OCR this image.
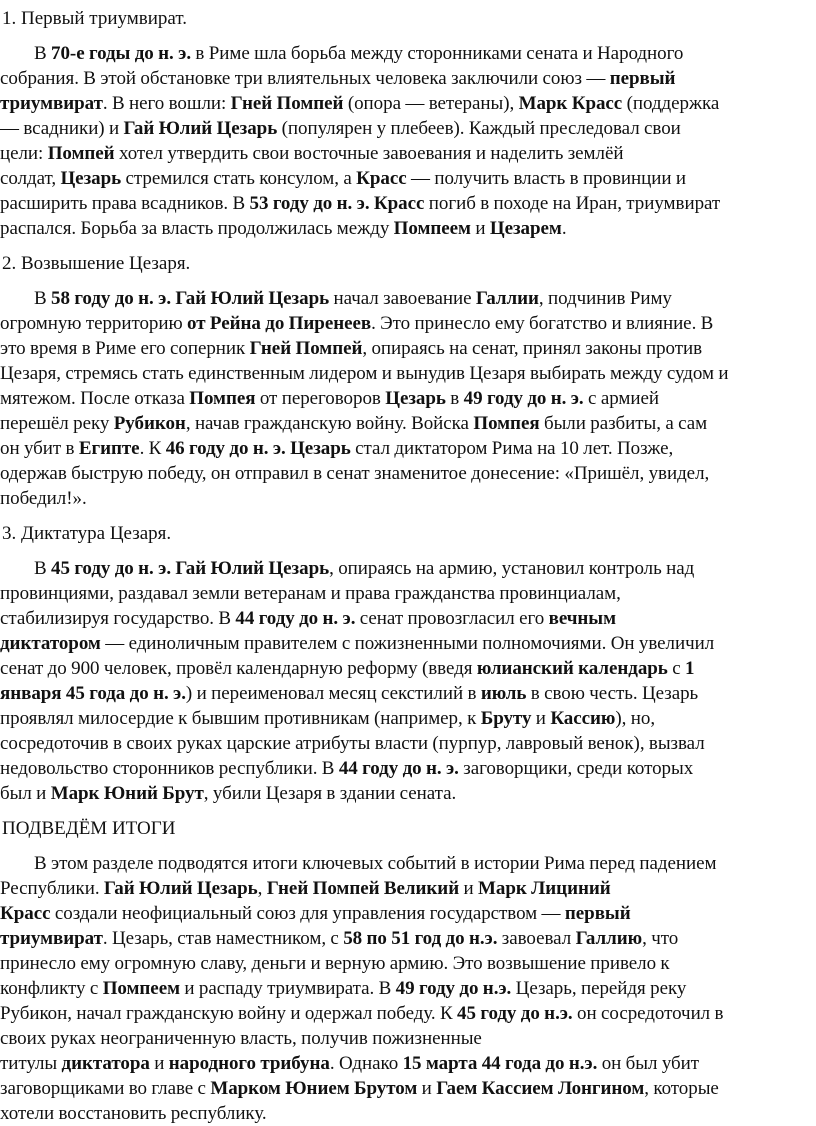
1. Первый триумвират.
В 70-е годы до н. э. в Риме шла борьба между сторонниками сената и Народного
собрания. В этой обстановке три влиятельных человека заключили союз — первый
триумвират. В него вошли: Гней Помпей (опора — ветераны), Марк Красс (поддержка
— всадники) и Гай Юлий Цезарь (популярен у плебеев). Каждый преследовал свои
цели: Помпей хотел утвердить свои восточные завоевания и наделить землёй
солдат, Цезарь стремился стать консулом, а Красс — получить власть в провинции и
расширить права всадников. В 53 году до н. э. Красс погиб в походе на Иран, триумвират
распался. Борьба за власть продолжилась между Помпеем и Цезарем.
2. Возвышение Цезаря.
В 58 году до н. э. Гай Юлий Цезарь начал завоевание Галлии, подчинив Риму
огромную территорию от Рейна до Пиренеев. Это принесло ему богатство и влияние. В
это время в Риме его соперник Гней Помпей, опираясь на сенат, принял законы против
Цезаря, стремясь стать единственным лидером и вынудив Цезаря выбирать между судом и
мятежом. После отказа Помпея от переговоров Цезарь в 49 году до н. э. с армией
перешёл реку Рубикон, начав гражданскую войну. Войска Помпея были разбиты, а сам
он убит в Египте. К 46 году до н. э. Цезарь стал диктатором Рима на 10 лет. Позже,
одержав быструю победу, он отправил в сенат знаменитое донесение: «Пришёл, увидел,
победил!».
3. Диктатура Цезаря.
В 45 году до н. э. Гай Юлий Цезарь, опираясь на армию, установил контроль над
провинциями, раздавал земли ветеранам и права гражданства провинциалам,
стабилизируя государство. В 44 году до н. э. сенат провозгласил его вечным
диктатором — единоличным правителем с пожизненными полномочиями. Он увеличил
сенат до 900 человек, провёл календарную реформу (введя юлианский календарь с 1
января 45 года до н. э.) и переименовал месяц секстилий в июль в свою честь. Цезарь
проявлял милосердие к бывшим противникам (например, к Бруту и Кассию), но,
сосредоточив в своих руках царские атрибуты власти (пурпур, лавровый венок), вызвал
недовольство сторонников республики. В 44 году до н. э. заговорщики, среди которых
был и Марк Юний Брут, убили Цезаря в здании сената.
ПОДВЕДЁМ ИТОГИ
В этом разделе подводятся итоги ключевых событий в истории Рима перед падением
Республики. Гай Юлий Цезарь, Гней Помпей Великий и Марк Лициний
Красс создали неофициальный союз для управления государством — первый
триумвират. Цезарь, став наместником, с 58 по 51 год до н.э. завоевал Галлию, что
принесло ему огромную славу, деньги и верную армию. Это возвышение привело к
конфликту с Помпеем и распаду триумвирата. В 49 году до н.э. Цезарь, перейдя реку
Рубикон, начал гражданскую войну и одержал победу. К 45 году до н.э. он сосредоточил в
своих руках неограниченную власть, получив пожизненные
титулы диктатора и народного трибуна. Однако 15 марта 44 года до н.э. он был убит
заговорщиками во главе с Марком Юнием Брутом и Гаем Кассием Лонгином, которые
хотели восстановить республику.
